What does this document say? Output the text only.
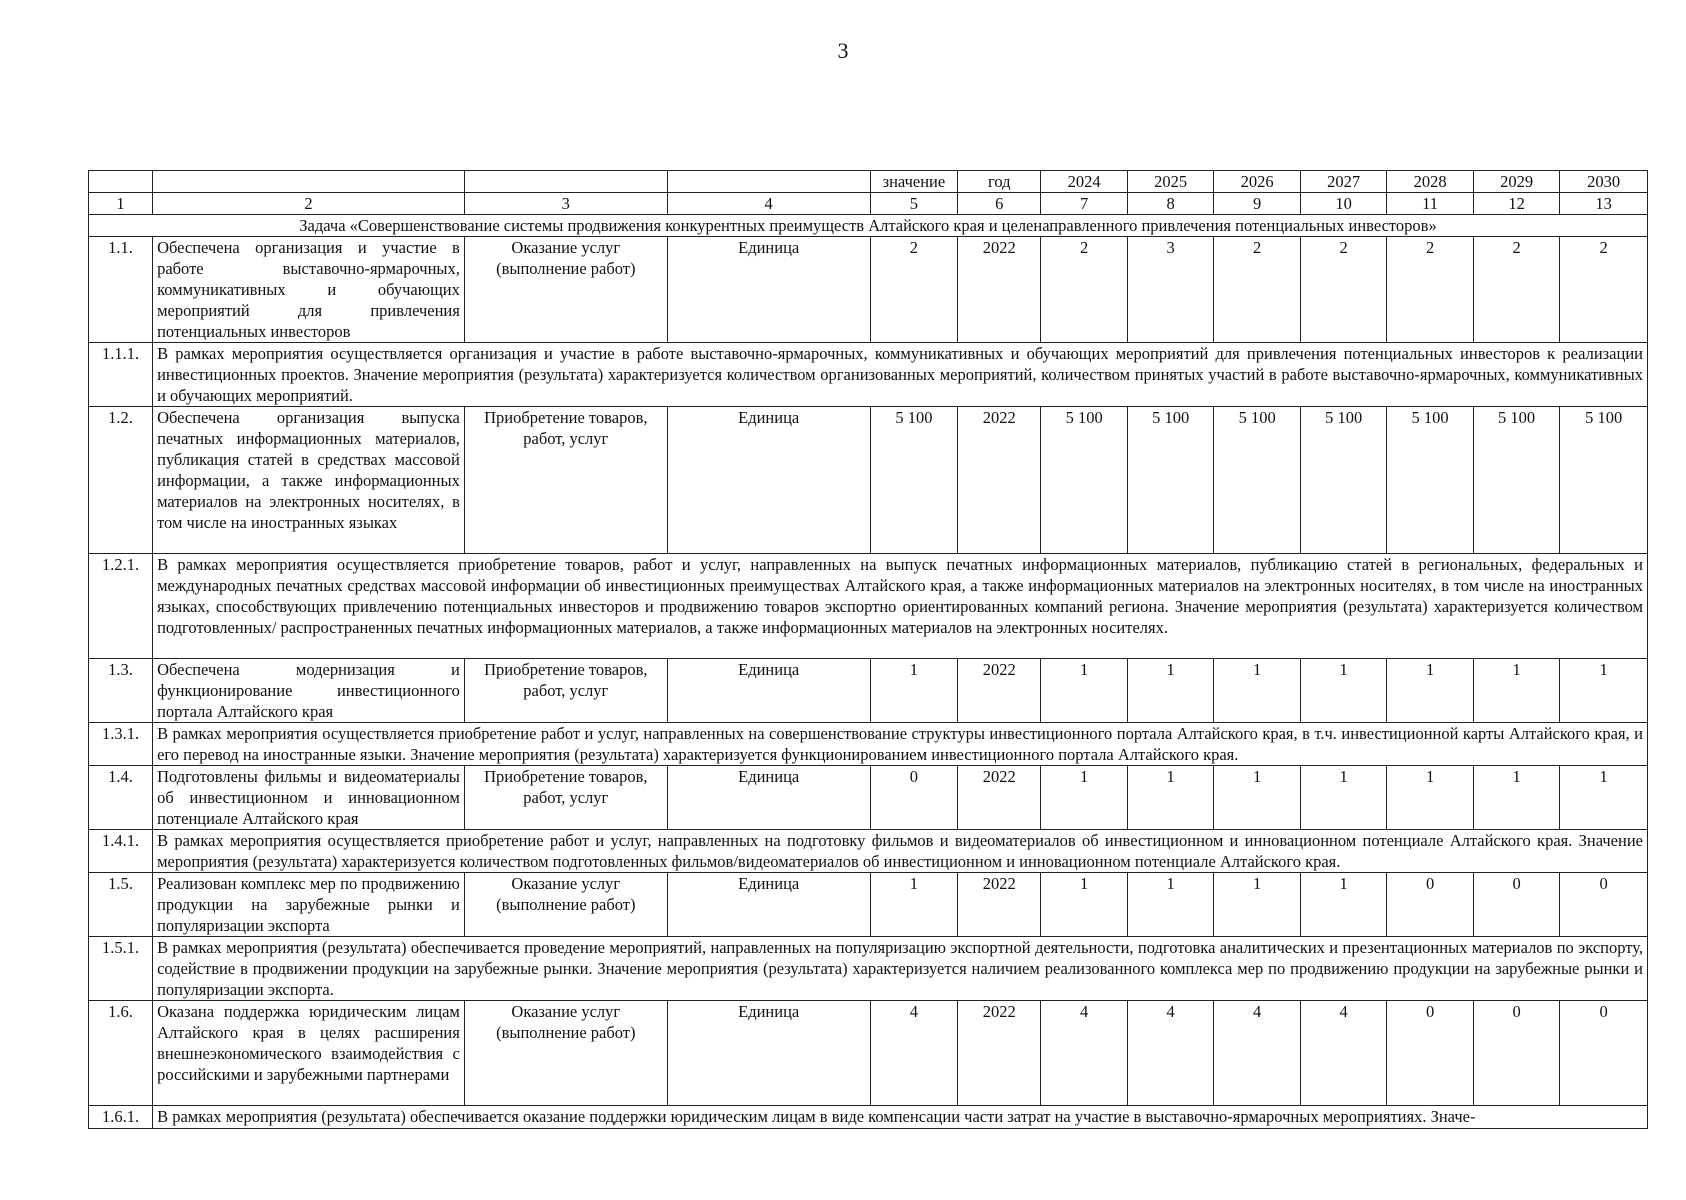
3
				значение	год	2024	2025	2026	2027	2028	2029	2030
1	2	3	4	5	6	7	8	9	10	11	12	13
Задача «Совершенствование системы продвижения конкурентных преимуществ Алтайского края и целенаправленного привлечения потенциальных инвесторов»												
1.1.	Обеспечена организация и участие в работе выставочно-ярмарочных, коммуникативных и обучающих мероприятий для привлечения потенциальных инвесторов	Оказание услуг (выполнение работ)	Единица	2	2022	2	3	2	2	2	2	2
1.1.1.	В рамках мероприятия осуществляется организация и участие в работе выставочно-ярмарочных, коммуникативных и обучающих мероприятий для привлечения потенциальных инвесторов к реализации инвестиционных проектов. Значение мероприятия (результата) характеризуется количеством организованных мероприятий, количеством принятых участий в работе выставочно-ярмарочных, коммуникативных и обучающих мероприятий.											
1.2.	Обеспечена организация выпуска печатных информационных материалов, публикация статей в средствах массовой информации, а также информационных материалов на электронных носителях, в том числе на иностранных языках	Приобретение товаров, работ, услуг	Единица	5 100	2022	5 100	5 100	5 100	5 100	5 100	5 100	5 100
1.2.1.	В рамках мероприятия осуществляется приобретение товаров, работ и услуг, направленных на выпуск печатных информационных материалов, публикацию статей в региональных, федеральных и международных печатных средствах массовой информации об инвестиционных преимуществах Алтайского края, а также информационных материалов на электронных носителях, в том числе на иностранных языках, способствующих привлечению потенциальных инвесторов и продвижению товаров экспортно ориентированных компаний региона. Значение мероприятия (результата) характеризуется количеством подготовленных/ распространенных печатных информационных материалов, а также информационных материалов на электронных носителях.											
1.3.	Обеспечена модернизация и функционирование инвестиционного портала Алтайского края	Приобретение товаров, работ, услуг	Единица	1	2022	1	1	1	1	1	1	1
1.3.1.	В рамках мероприятия осуществляется приобретение работ и услуг, направленных на совершенствование структуры инвестиционного портала Алтайского края, в т.ч. инвестиционной карты Алтайского края, и его перевод на иностранные языки. Значение мероприятия (результата) характеризуется функционированием инвестиционного портала Алтайского края.											
1.4.	Подготовлены фильмы и видеоматериалы об инвестиционном и инновационном потенциале Алтайского края	Приобретение товаров, работ, услуг	Единица	0	2022	1	1	1	1	1	1	1
1.4.1.	В рамках мероприятия осуществляется приобретение работ и услуг, направленных на подготовку фильмов и видеоматериалов об инвестиционном и инновационном потенциале Алтайского края. Значение мероприятия (результата) характеризуется количеством подготовленных фильмов/видеоматериалов об инвестиционном и инновационном потенциале Алтайского края.											
1.5.	Реализован комплекс мер по продвижению продукции на зарубежные рынки и популяризации экспорта	Оказание услуг (выполнение работ)	Единица	1	2022	1	1	1	1	0	0	0
1.5.1.	В рамках мероприятия (результата) обеспечивается проведение мероприятий, направленных на популяризацию экспортной деятельности, подготовка аналитических и презентационных материалов по экспорту, содействие в продвижении продукции на зарубежные рынки. Значение мероприятия (результата) характеризуется наличием реализованного комплекса мер по продвижению продукции на зарубежные рынки и популяризации экспорта.											
1.6.	Оказана поддержка юридическим лицам Алтайского края в целях расширения внешнеэкономического взаимодействия с российскими и зарубежными партнерами	Оказание услуг (выполнение работ)	Единица	4	2022	4	4	4	4	0	0	0
1.6.1.	В рамках мероприятия (результата) обеспечивается оказание поддержки юридическим лицам в виде компенсации части затрат на участие в выставочно-ярмарочных мероприятиях. Значе-											
